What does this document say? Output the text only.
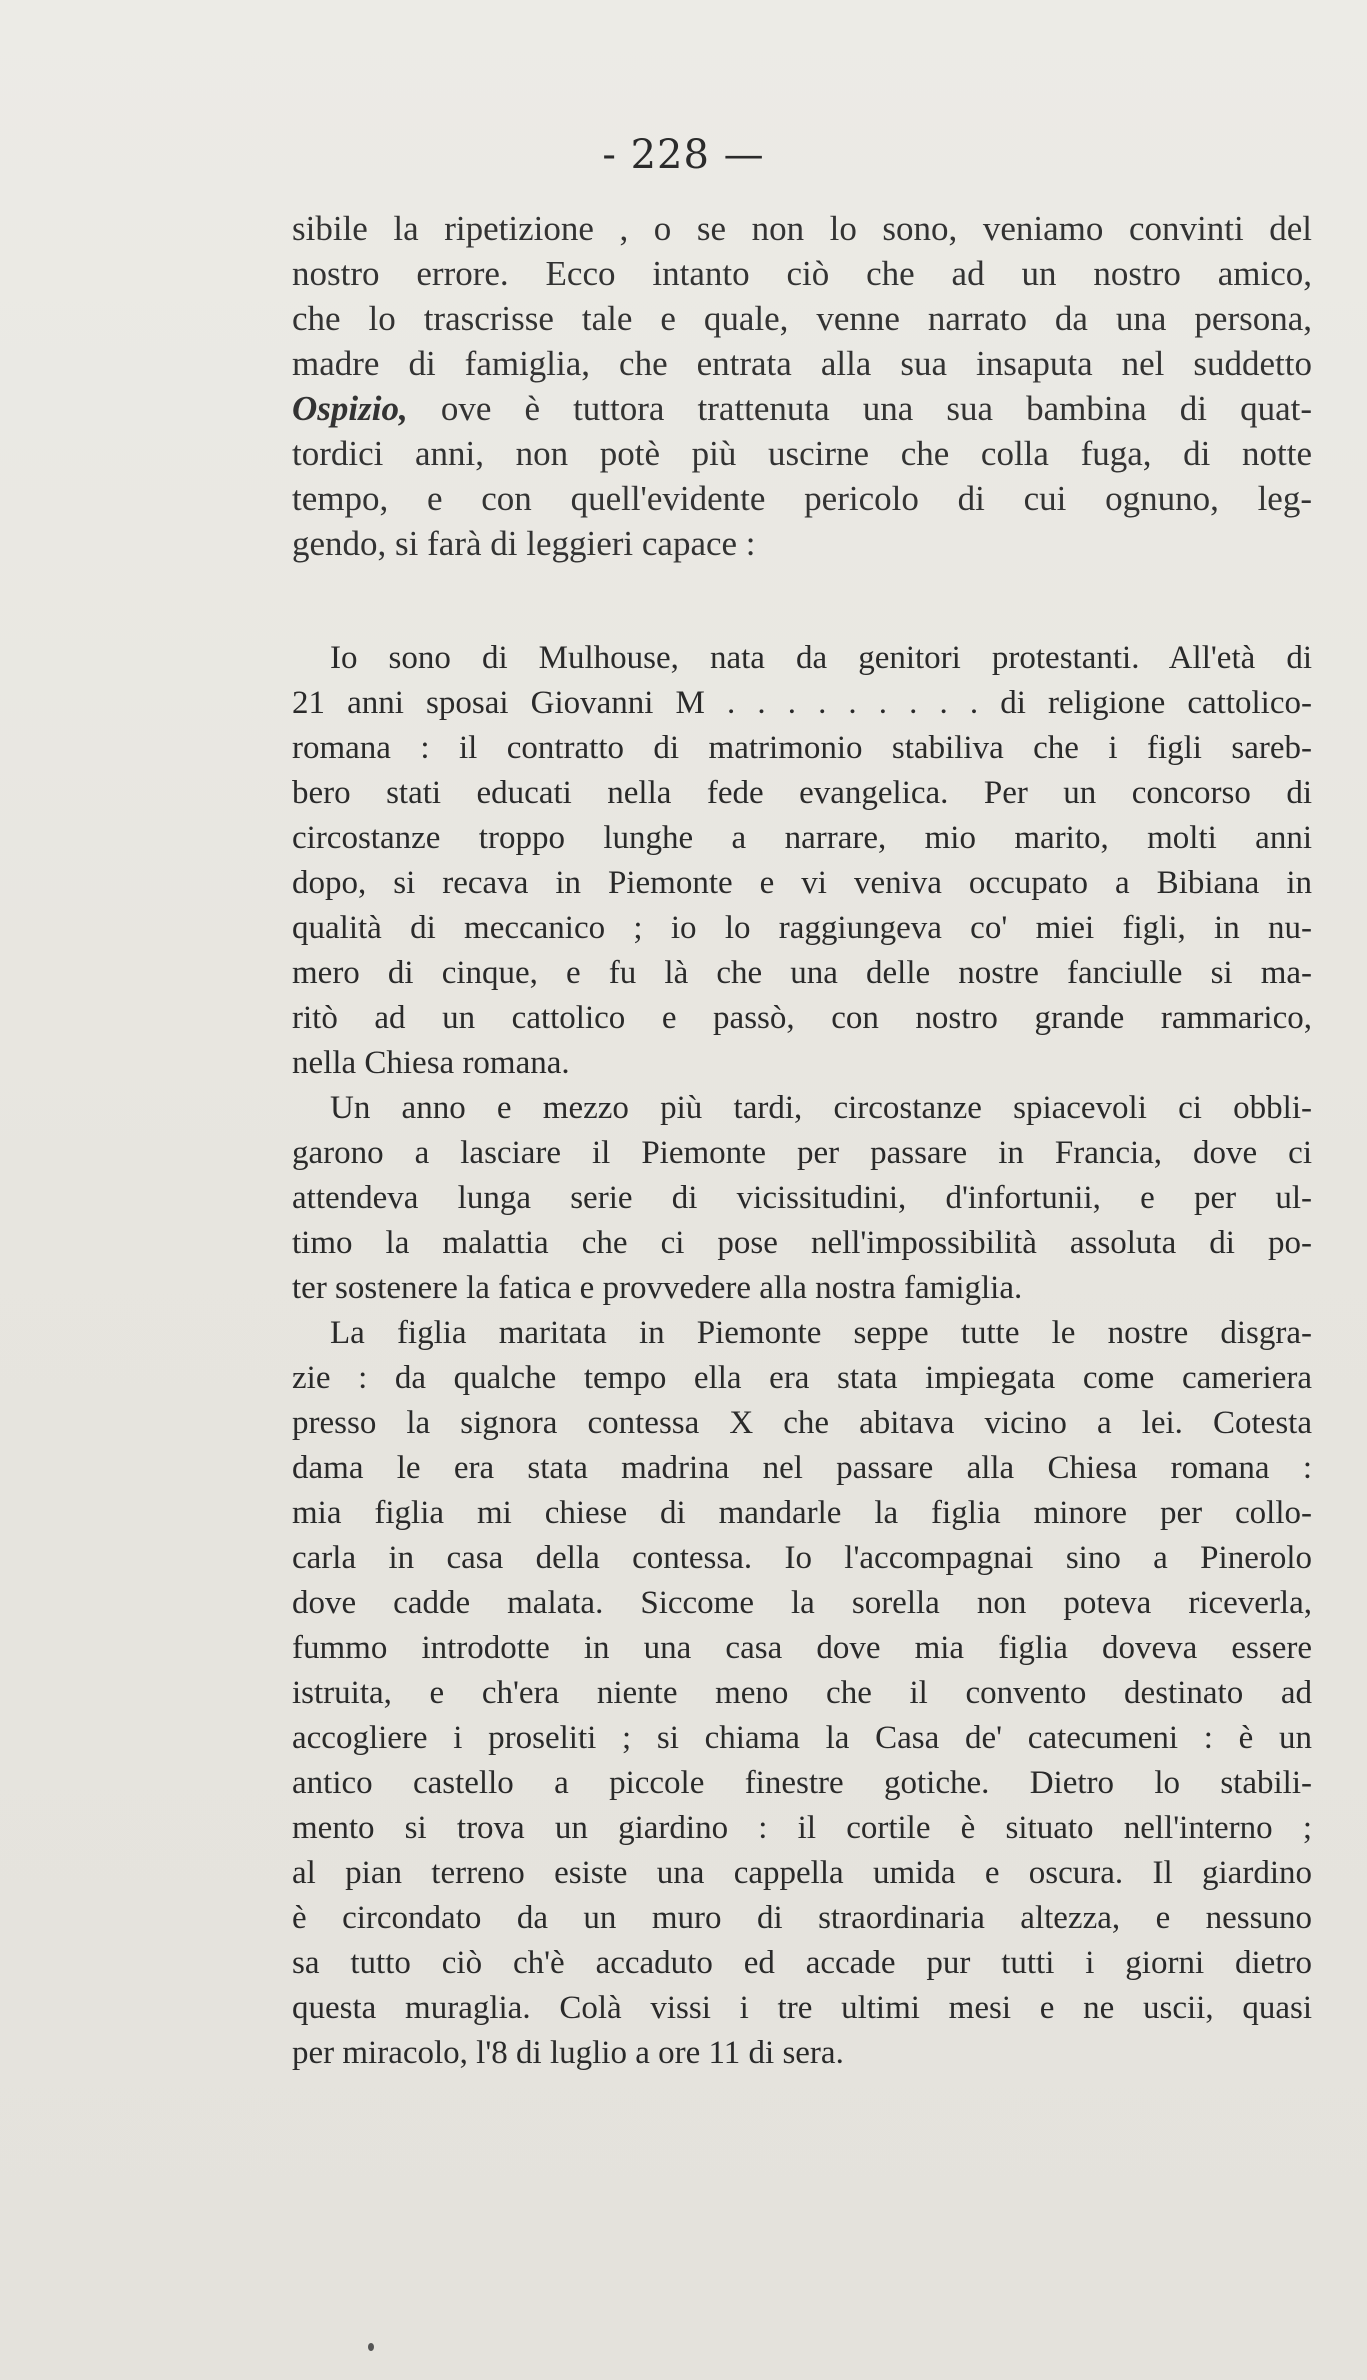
- 228 —
sibile la ripetizione , o se non lo sono, veniamo convinti del
nostro errore. Ecco intanto ciò che ad un nostro amico,
che lo trascrisse tale e quale, venne narrato da una persona,
madre di famiglia, che entrata alla sua insaputa nel suddetto
Ospizio, ove è tuttora trattenuta una sua bambina di quat-
tordici anni, non potè più uscirne che colla fuga, di notte
tempo, e con quell'evidente pericolo di cui ognuno, leg-
gendo, si farà di leggieri capace :
Io sono di Mulhouse, nata da genitori protestanti. All'età di
21 anni sposai Giovanni M . . . . . . . . . di religione cattolico-
romana : il contratto di matrimonio stabiliva che i figli sareb-
bero stati educati nella fede evangelica. Per un concorso di
circostanze troppo lunghe a narrare, mio marito, molti anni
dopo, si recava in Piemonte e vi veniva occupato a Bibiana in
qualità di meccanico ; io lo raggiungeva co' miei figli, in nu-
mero di cinque, e fu là che una delle nostre fanciulle si ma-
ritò ad un cattolico e passò, con nostro grande rammarico,
nella Chiesa romana.
Un anno e mezzo più tardi, circostanze spiacevoli ci obbli-
garono a lasciare il Piemonte per passare in Francia, dove ci
attendeva lunga serie di vicissitudini, d'infortunii, e per ul-
timo la malattia che ci pose nell'impossibilità assoluta di po-
ter sostenere la fatica e provvedere alla nostra famiglia.
La figlia maritata in Piemonte seppe tutte le nostre disgra-
zie : da qualche tempo ella era stata impiegata come cameriera
presso la signora contessa X che abitava vicino a lei. Cotesta
dama le era stata madrina nel passare alla Chiesa romana :
mia figlia mi chiese di mandarle la figlia minore per collo-
carla in casa della contessa. Io l'accompagnai sino a Pinerolo
dove cadde malata. Siccome la sorella non poteva riceverla,
fummo introdotte in una casa dove mia figlia doveva essere
istruita, e ch'era niente meno che il convento destinato ad
accogliere i proseliti ; si chiama la Casa de' catecumeni : è un
antico castello a piccole finestre gotiche. Dietro lo stabili-
mento si trova un giardino : il cortile è situato nell'interno ;
al pian terreno esiste una cappella umida e oscura. Il giardino
è circondato da un muro di straordinaria altezza, e nessuno
sa tutto ciò ch'è accaduto ed accade pur tutti i giorni dietro
questa muraglia. Colà vissi i tre ultimi mesi e ne uscii, quasi
per miracolo, l'8 di luglio a ore 11 di sera.
